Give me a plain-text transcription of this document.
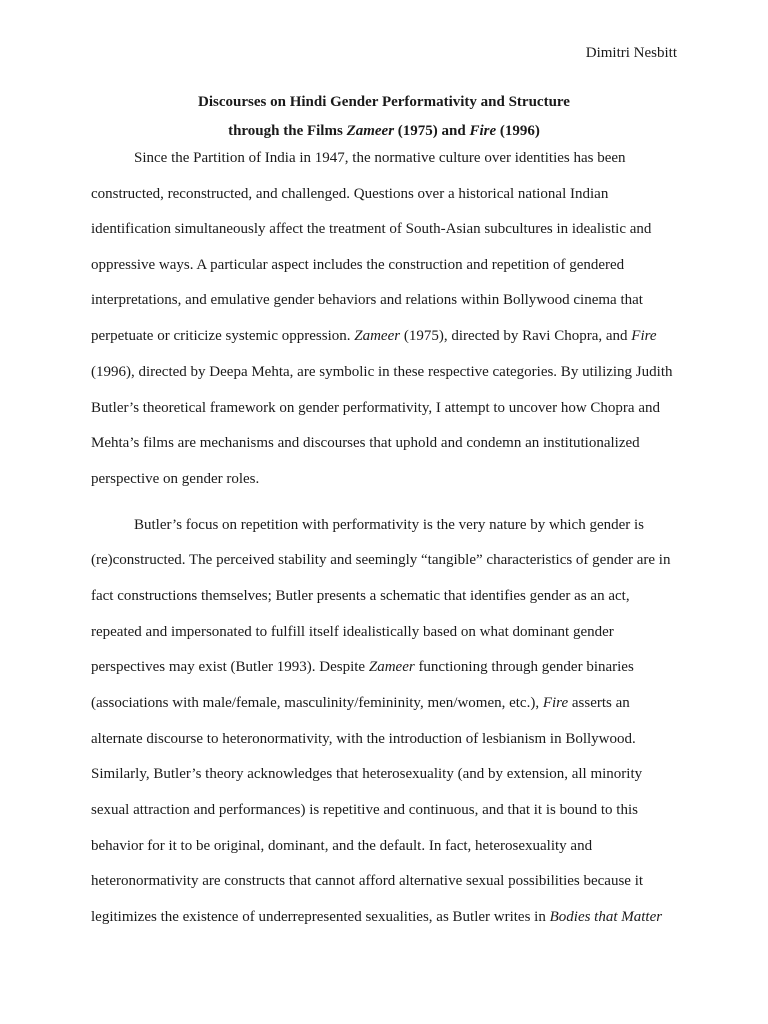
Dimitri Nesbitt
Discourses on Hindi Gender Performativity and Structure
through the Films Zameer (1975) and Fire (1996)
Since the Partition of India in 1947, the normative culture over identities has been
constructed, reconstructed, and challenged. Questions over a historical national Indian
identification simultaneously affect the treatment of South-Asian subcultures in idealistic and
oppressive ways. A particular aspect includes the construction and repetition of gendered
interpretations, and emulative gender behaviors and relations within Bollywood cinema that
perpetuate or criticize systemic oppression. Zameer (1975), directed by Ravi Chopra, and Fire
(1996), directed by Deepa Mehta, are symbolic in these respective categories. By utilizing Judith
Butler’s theoretical framework on gender performativity, I attempt to uncover how Chopra and
Mehta’s films are mechanisms and discourses that uphold and condemn an institutionalized
perspective on gender roles.
Butler’s focus on repetition with performativity is the very nature by which gender is
(re)constructed. The perceived stability and seemingly “tangible” characteristics of gender are in
fact constructions themselves; Butler presents a schematic that identifies gender as an act,
repeated and impersonated to fulfill itself idealistically based on what dominant gender
perspectives may exist (Butler 1993). Despite Zameer functioning through gender binaries
(associations with male/female, masculinity/femininity, men/women, etc.), Fire asserts an
alternate discourse to heteronormativity, with the introduction of lesbianism in Bollywood.
Similarly, Butler’s theory acknowledges that heterosexuality (and by extension, all minority
sexual attraction and performances) is repetitive and continuous, and that it is bound to this
behavior for it to be original, dominant, and the default. In fact, heterosexuality and
heteronormativity are constructs that cannot afford alternative sexual possibilities because it
legitimizes the existence of underrepresented sexualities, as Butler writes in Bodies that Matter
